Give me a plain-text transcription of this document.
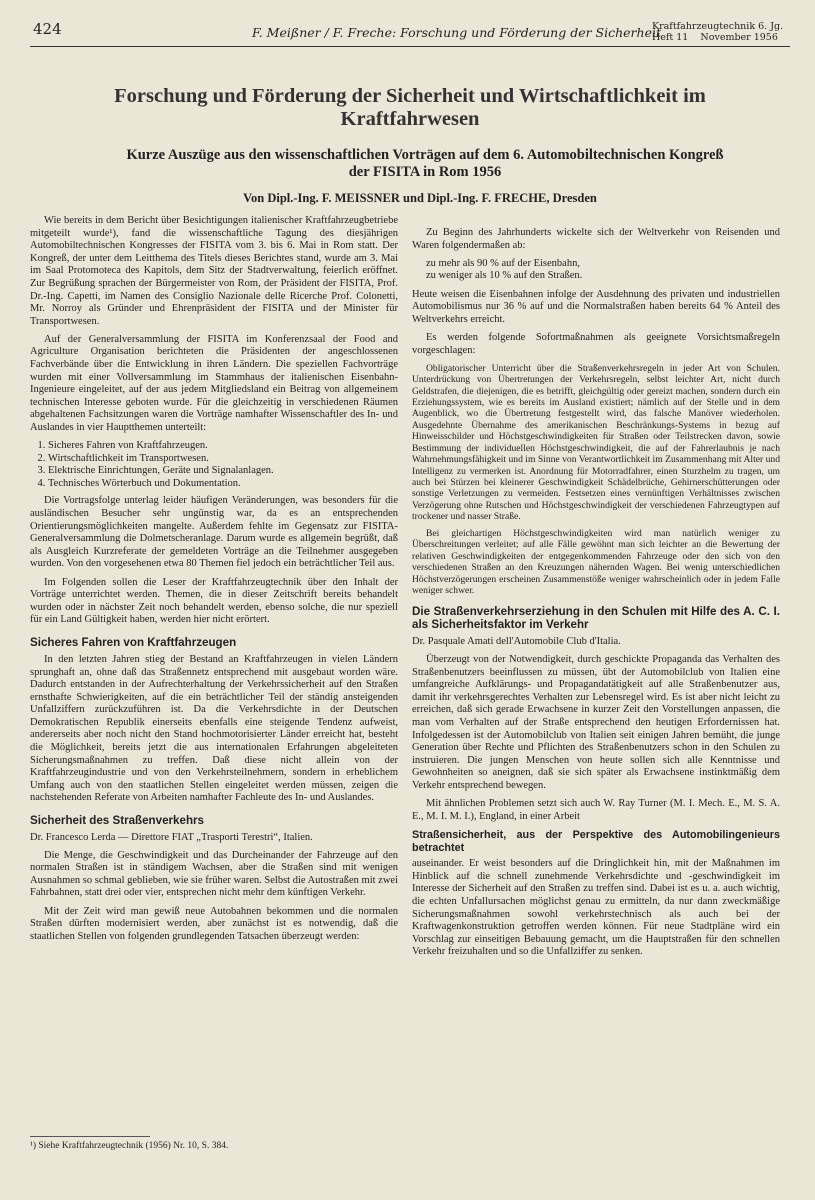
424	F. Meißner / F. Freche: Forschung und Förderung der Sicherheit
Kraftfahrzeugtechnik 6. Jg.
Heft 11    November 1956
Forschung und Förderung der Sicherheit und Wirtschaftlichkeit im Kraftfahrwesen
Kurze Auszüge aus den wissenschaftlichen Vorträgen auf dem 6. Automobiltechnischen Kongreß der FISITA in Rom 1956
Von Dipl.-Ing. F. MEISSNER und Dipl.-Ing. F. FRECHE, Dresden

Wie bereits in dem Bericht über Besichtigungen italienischer Kraftfahrzeugbetriebe mitgeteilt wurde¹), fand die wissenschaftliche Tagung des diesjährigen Automobiltechnischen Kongresses der FISITA vom 3. bis 6. Mai in Rom statt. Der Kongreß, der unter dem Leitthema des Titels dieses Berichtes stand, wurde am 3. Mai im Saal Protomoteca des Kapitols, dem Sitz der Stadtverwaltung, feierlich eröffnet. Zur Begrüßung sprachen der Bürgermeister von Rom, der Präsident der FISITA, Prof. Dr.-Ing. Capetti, im Namen des Consiglio Nazionale delle Ricerche Prof. Colonetti, Mr. Norroy als Gründer und Ehrenpräsident der FISITA und der Minister für Transportwesen.

Auf der Generalversammlung der FISITA im Konferenzsaal der Food and Agriculture Organisation berichteten die Präsidenten der angeschlossenen Fachverbände über die Entwicklung in ihren Ländern. Die speziellen Fachvorträge wurden mit einer Vollversammlung im Stammhaus der italienischen Eisenbahn-Ingenieure eingeleitet, auf der aus jedem Mitgliedsland ein Beitrag von allgemeinem technischen Interesse geboten wurde. Für die gleichzeitig in verschiedenen Räumen abgehaltenen Fachsitzungen waren die Vorträge namhafter Wissenschaftler des In- und Auslandes in vier Hauptthemen unterteilt:

1. Sicheres Fahren von Kraftfahrzeugen.
2. Wirtschaftlichkeit im Transportwesen.
3. Elektrische Einrichtungen, Geräte und Signalanlagen.
4. Technisches Wörterbuch und Dokumentation.

Die Vortragsfolge unterlag leider häufigen Veränderungen, was besonders für die ausländischen Besucher sehr ungünstig war, da es an entsprechenden Orientierungsmöglichkeiten mangelte. Außerdem fehlte im Gegensatz zur FISITA-Generalversammlung die Dolmetscheranlage. Darum wurde es allgemein begrüßt, daß als Ausgleich Kurzreferate der gemeldeten Vorträge an die Teilnehmer ausgegeben wurden. Von den vorgesehenen etwa 80 Themen fiel jedoch ein beträchtlicher Teil aus.

Im Folgenden sollen die Leser der Kraftfahrzeugtechnik über den Inhalt der Vorträge unterrichtet werden. Themen, die in dieser Zeitschrift bereits behandelt wurden oder in nächster Zeit noch behandelt werden, ebenso solche, die nur speziell für ein Land Gültigkeit haben, werden hier nicht erörtert.

Sicheres Fahren von Kraftfahrzeugen

In den letzten Jahren stieg der Bestand an Kraftfahrzeugen in vielen Ländern sprunghaft an, ohne daß das Straßennetz entsprechend mit ausgebaut worden wäre. Dadurch entstanden in der Aufrechterhaltung der Verkehrssicherheit auf den Straßen ernsthafte Schwierigkeiten, auf die ein beträchtlicher Teil der ständig ansteigenden Unfallziffern zurückzuführen ist. Da die Verkehrsdichte in der Deutschen Demokratischen Republik einerseits ebenfalls eine steigende Tendenz aufweist, andererseits aber noch nicht den Stand hochmotorisierter Länder erreicht hat, besteht die Möglichkeit, bereits jetzt die aus internationalen Erfahrungen abgeleiteten Sicherungsmaßnahmen zu treffen. Daß diese nicht allein von der Kraftfahrzeugindustrie und von den Verkehrsteilnehmern, sondern in erheblichem Umfang auch von den staatlichen Stellen eingeleitet werden müssen, zeigen die nachstehenden Referate von Arbeiten namhafter Fachleute des In- und Auslandes.

Sicherheit des Straßenverkehrs

Dr. Francesco Lerda — Direttore FIAT „Trasporti Terestri“, Italien.

Die Menge, die Geschwindigkeit und das Durcheinander der Fahrzeuge auf den normalen Straßen ist in ständigem Wachsen, aber die Straßen sind mit wenigen Ausnahmen so schmal geblieben, wie sie früher waren. Selbst die Autostraßen mit zwei Fahrbahnen, statt drei oder vier, entsprechen nicht mehr dem künftigen Verkehr.

Mit der Zeit wird man gewiß neue Autobahnen bekommen und die normalen Straßen dürften modernisiert werden, aber zunächst ist es notwendig, daß die staatlichen Stellen von folgenden grundlegenden Tatsachen überzeugt werden:

¹) Siehe Kraftfahrzeugtechnik (1956) Nr. 10, S. 384.

Zu Beginn des Jahrhunderts wickelte sich der Weltverkehr von Reisenden und Waren folgendermaßen ab:

zu mehr als 90 % auf der Eisenbahn,
zu weniger als 10 % auf den Straßen.

Heute weisen die Eisenbahnen infolge der Ausdehnung des privaten und industriellen Automobilismus nur 36 % auf und die Normalstraßen haben bereits 64 % Anteil des Weltverkehrs erreicht.

Es werden folgende Sofortmaßnahmen als geeignete Vorsichtsmaßregeln vorgeschlagen:

Obligatorischer Unterricht über die Straßenverkehrsregeln in jeder Art von Schulen. Unterdrückung von Übertretungen der Verkehrsregeln, selbst leichter Art, nicht durch Geldstrafen, die diejenigen, die es betrifft, gleichgültig oder gereizt machen, sondern durch ein Erziehungssystem, wie es bereits im Ausland existiert; nämlich auf der Stelle und in dem Augenblick, wo die Übertretung festgestellt wird, das falsche Manöver wiederholen. Ausgedehnte Übernahme des amerikanischen Beschränkungs-Systems in bezug auf Hinweisschilder und Höchstgeschwindigkeiten für Straßen oder Teilstrecken davon, sowie Bestimmung der individuellen Höchstgeschwindigkeit, die auf der Fahrerlaubnis je nach Wahrnehmungsfähigkeit und im Sinne von Verantwortlichkeit im Zusammenhang mit Alter und Intelligenz zu vermerken ist. Anordnung für Motorradfahrer, einen Sturzhelm zu tragen, um auch bei Stürzen bei kleinerer Geschwindigkeit Schädelbrüche, Gehirnerschütterungen oder sonstige Verletzungen zu vermeiden. Festsetzen eines vernünftigen Verhältnisses zwischen Verzögerung ohne Rutschen und Höchstgeschwindigkeit der verschiedenen Fahrzeugtypen auf trockener und nasser Straße.

Bei gleichartigen Höchstgeschwindigkeiten wird man natürlich weniger zu Überschreitungen verleitet; auf alle Fälle gewöhnt man sich leichter an die Bewertung der relativen Geschwindigkeiten der entgegenkommenden Fahrzeuge oder den sich von den verschiedenen Straßen an den Kreuzungen nähernden Wagen. Bei wenig unterschiedlichen Höchstverzögerungen erscheinen Zusammenstöße weniger wahrscheinlich oder in jedem Falle weniger schwer.

Die Straßenverkehrserziehung in den Schulen mit Hilfe des A. C. I. als Sicherheitsfaktor im Verkehr

Dr. Pasquale Amati dell'Automobile Club d'Italia.

Überzeugt von der Notwendigkeit, durch geschickte Propaganda das Verhalten des Straßenbenutzers beeinflussen zu müssen, übt der Automobilclub von Italien eine umfangreiche Aufklärungs- und Propagandatätigkeit auf alle Straßenbenutzer aus, damit ihr verkehrsgerechtes Verhalten zur Lebensregel wird. Es ist aber nicht leicht zu erreichen, daß sich gerade Erwachsene in kurzer Zeit den Vorstellungen anpassen, die man vom Verhalten auf der Straße entsprechend den heutigen Erfordernissen hat. Infolgedessen ist der Automobilclub von Italien seit einigen Jahren bemüht, die junge Generation über Rechte und Pflichten des Straßenbenutzers schon in den Schulen zu instruieren. Die jungen Menschen von heute sollen sich alle Kenntnisse und Gewohnheiten so aneignen, daß sie sich später als Erwachsene instinktmäßig dem Verkehr entsprechend bewegen.

Mit ähnlichen Problemen setzt sich auch W. Ray Turner (M. I. Mech. E., M. S. A. E., M. I. M. I.), England, in einer Arbeit

Straßensicherheit, aus der Perspektive des Automobilingenieurs betrachtet

auseinander. Er weist besonders auf die Dringlichkeit hin, mit der Maßnahmen im Hinblick auf die schnell zunehmende Verkehrsdichte und -geschwindigkeit im Interesse der Sicherheit auf den Straßen zu treffen sind. Dabei ist es u. a. auch wichtig, die echten Unfallursachen möglichst genau zu ermitteln, da nur dann zweckmäßige Sicherungsmaßnahmen sowohl verkehrstechnisch als auch bei der Kraftwagenkonstruktion getroffen werden können. Für neue Stadtpläne wird ein Vorschlag zur einseitigen Bebauung gemacht, um die Hauptstraßen für den schnellen Verkehr freizuhalten und so die Unfallziffer zu senken.
